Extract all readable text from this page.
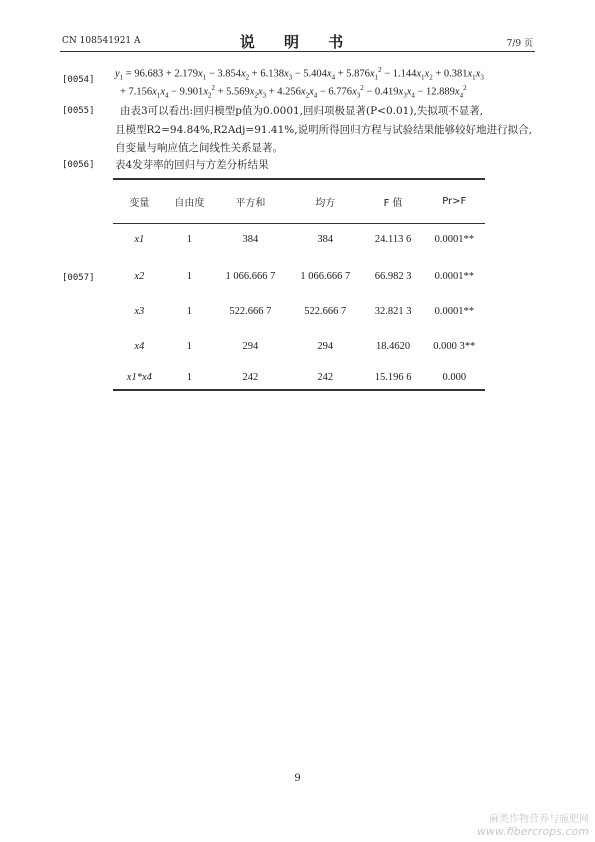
CN 108541921 A	说 明 书	7/9 页
[0054]
$y_1 = 96.683 + 2.179x_1 - 3.854x_2 + 6.138x_3 - 5.404x_4 + 5.876x_1^2 - 1.144x_1x_2 + 0.381x_1x_3$
+ $7.156x_1x_4 - 9.901x_2^2 + 5.569x_2x_3 + 4.256x_2x_4 - 6.776x_3^2 - 0.419x_3x_4 - 12.889x_4^2$
[0055] 由表3可以看出:回归模型p值为0.0001,回归项极显著(P<0.01),失拟项不显著,
且模型R2=94.84%,R2Adj=91.41%,说明所得回归方程与试验结果能够较好地进行拟合,
自变量与响应值之间线性关系显著。
[0056] 表4发芽率的回归与方差分析结果
[0057]
变量	自由度	平方和	均方	F 值	Pr>F
x1	1	384	384	24.113 6	0.0001**
x2	1	1 066.666 7	1 066.666 7	66.982 3	0.0001**
x3	1	522.666 7	522.666 7	32.821 3	0.0001**
x4	1	294	294	18.4620	0.000 3**
x1*x4	1	242	242	15.196 6	0.000
9
麻类作物营养与施肥网
www.fibercrops.com
